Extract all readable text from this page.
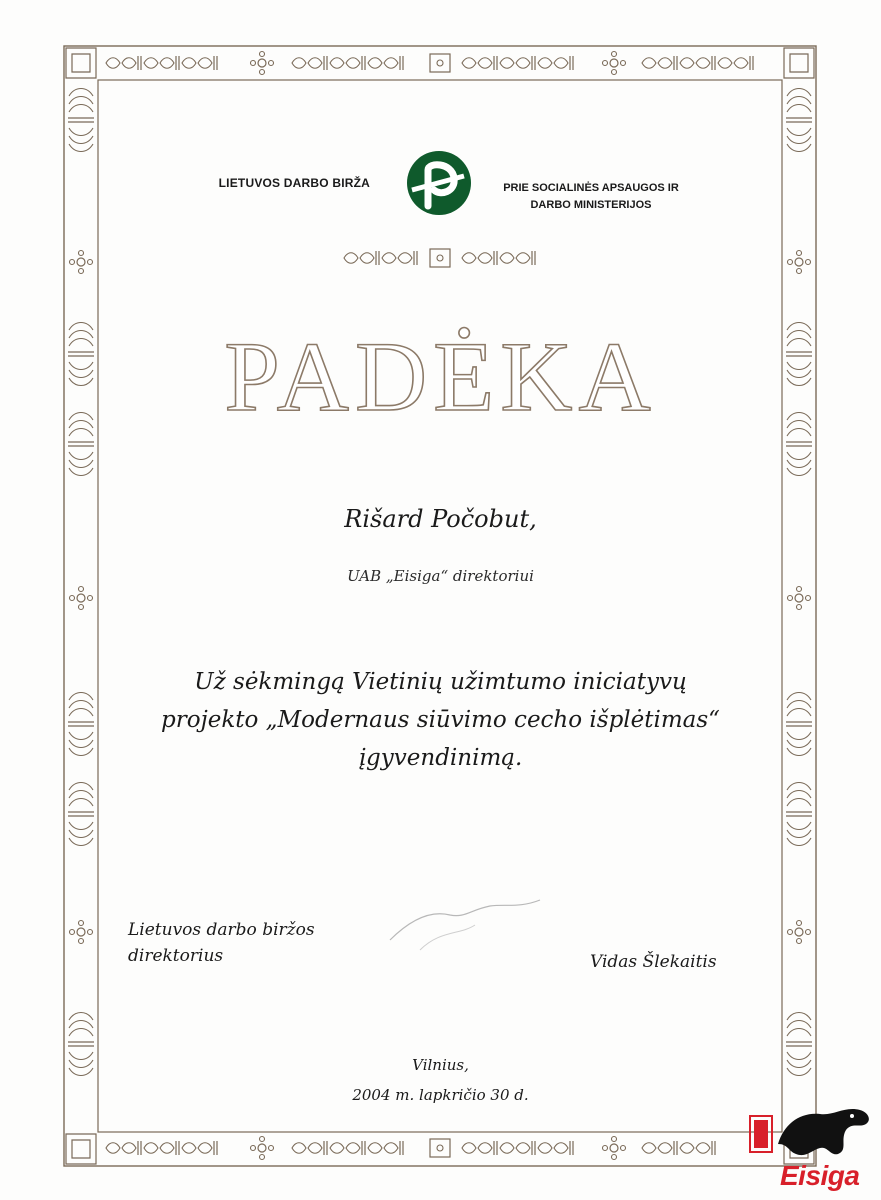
LIETUVOS DARBO BIRŽA	PRIE SOCIALINĖS APSAUGOS IR
DARBO MINISTERIJOS
PADĖKA
Rišard Počobut,
UAB „Eisiga“ direktoriui
Už sėkmingą Vietinių užimtumo iniciatyvų
projekto „Modernaus siūvimo cecho išplėtimas“
įgyvendinimą.
Lietuvos darbo biržos
direktorius	Vidas Šlekaitis
Vilnius,
2004 m. lapkričio 30 d.
Eisiga
